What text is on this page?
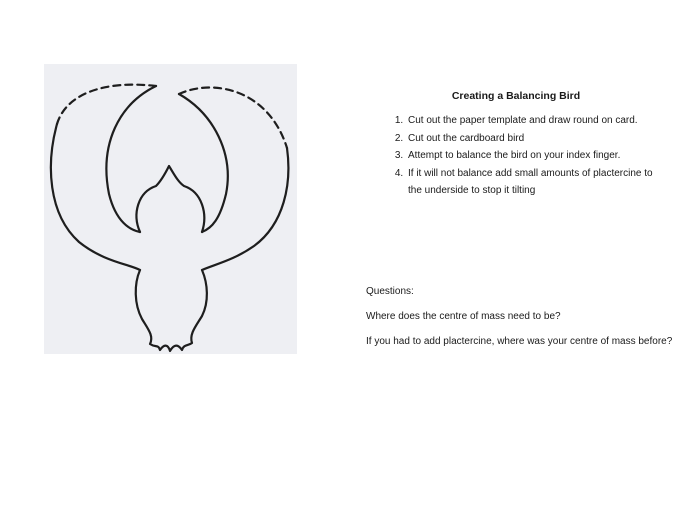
Creating a Balancing Bird
1. Cut out the paper template and draw round on card.
2. Cut out the cardboard bird
3. Attempt to balance the bird on your index finger.
4. If it will not balance add small amounts of plactercine to the underside to stop it tilting

Questions:

Where does the centre of mass need to be?

If you had to add plactercine, where was your centre of mass before?
